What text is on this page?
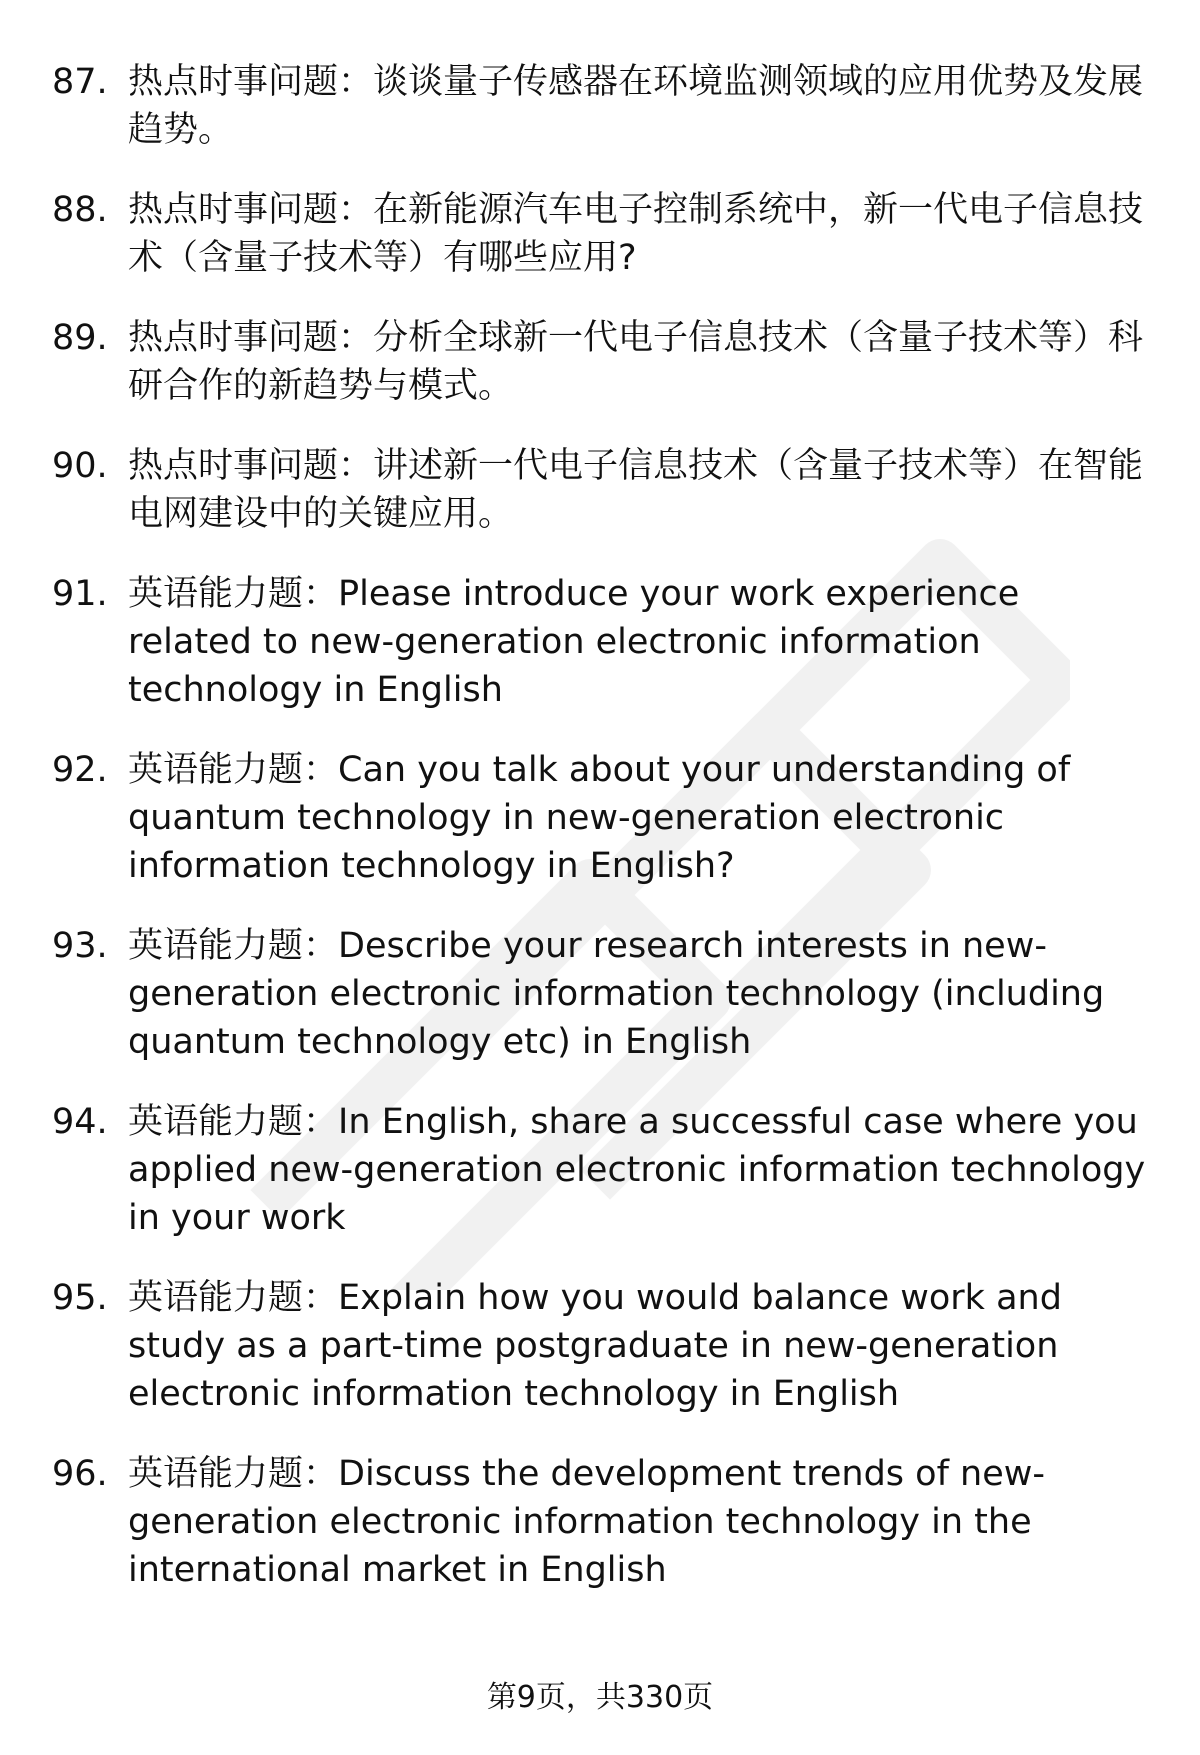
87. 热点时事问题：谈谈量子传感器在环境监测领域的应用优势及发展趋势。
88. 热点时事问题：在新能源汽车电子控制系统中，新一代电子信息技术（含量子技术等）有哪些应用?
89. 热点时事问题：分析全球新一代电子信息技术（含量子技术等）科研合作的新趋势与模式。
90. 热点时事问题：讲述新一代电子信息技术（含量子技术等）在智能电网建设中的关键应用。
91. 英语能力题：Please introduce your work experience related to new-generation electronic information technology in English
92. 英语能力题：Can you talk about your understanding of quantum technology in new-generation electronic information technology in English?
93. 英语能力题：Describe your research interests in new-generation electronic information technology (including quantum technology etc) in English
94. 英语能力题：In English, share a successful case where you applied new-generation electronic information technology in your work
95. 英语能力题：Explain how you would balance work and study as a part-time postgraduate in new-generation electronic information technology in English
96. 英语能力题：Discuss the development trends of new-generation electronic information technology in the international market in English
第9页，共330页
